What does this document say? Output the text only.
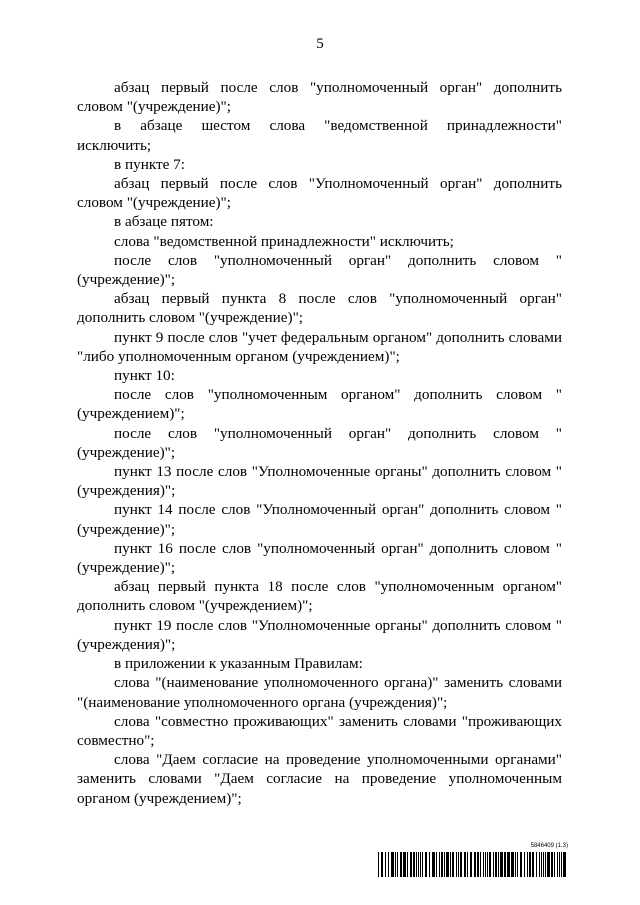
5

абзац первый после слов "уполномоченный орган" дополнить словом "(учреждение)";

в абзаце шестом слова "ведомственной принадлежности" исключить;

в пункте 7:

абзац первый после слов "Уполномоченный орган" дополнить словом "(учреждение)";

в абзаце пятом:

слова "ведомственной принадлежности" исключить;

после слов "уполномоченный орган" дополнить словом "(учреждение)";

абзац первый пункта 8 после слов "уполномоченный орган" дополнить словом "(учреждение)";

пункт 9 после слов "учет федеральным органом" дополнить словами "либо уполномоченным органом (учреждением)";

пункт 10:

после слов "уполномоченным органом" дополнить словом "(учреждением)";

после слов "уполномоченный орган" дополнить словом "(учреждение)";

пункт 13 после слов "Уполномоченные органы" дополнить словом "(учреждения)";

пункт 14 после слов "Уполномоченный орган" дополнить словом "(учреждение)";

пункт 16 после слов "уполномоченный орган" дополнить словом "(учреждение)";

абзац первый пункта 18 после слов "уполномоченным органом" дополнить словом "(учреждением)";

пункт 19 после слов "Уполномоченные органы" дополнить словом "(учреждения)";

в приложении к указанным Правилам:

слова "(наименование уполномоченного органа)" заменить словами "(наименование уполномоченного органа (учреждения)";

слова "совместно проживающих" заменить словами "проживающих совместно";

слова "Даем согласие на проведение уполномоченными органами" заменить словами "Даем согласие на проведение уполномоченным органом (учреждением)";

5846409 (1.3)
